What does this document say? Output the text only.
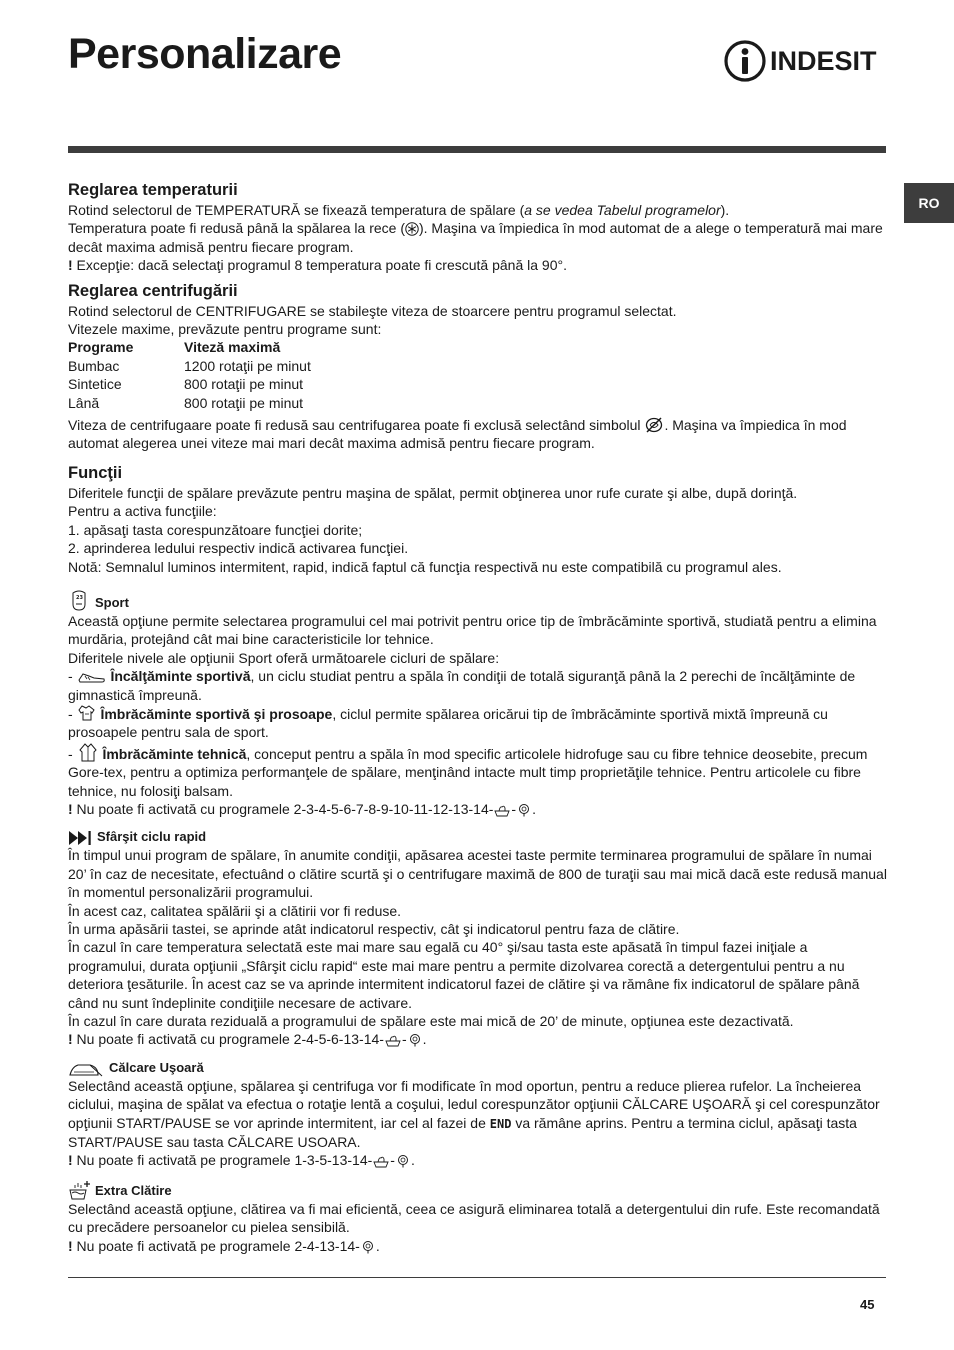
Personalizare	INDESIT
RO
Reglarea temperaturii

Rotind selectorul de TEMPERATURĂ se fixează temperatura de spălare (a se vedea Tabelul programelor).

Temperatura poate fi redusă până la spălarea la rece ( ). Maşina va împiedica în mod automat de a alege o temperatură mai mare decât maxima admisă pentru fiecare program.

! Excepţie: dacă selectaţi programul 8 temperatura poate fi crescută până la 90°.

Reglarea centrifugării

Rotind selectorul de CENTRIFUGARE se stabileşte viteza de stoarcere pentru programul selectat.

Vitezele maxime, prevăzute pentru programe sunt:

Programe	Viteză maximă
Bumbac	1200 rotaţii pe minut
Sintetice	800 rotaţii pe minut
Lână	800 rotaţii pe minut

Viteza de centrifugaare poate fi redusă sau centrifugarea poate fi exclusă selectând simbolul . Maşina va împiedica în mod automat alegerea unei viteze mai mari decât maxima admisă pentru fiecare program.

Funcţii

Diferitele funcţii de spălare prevăzute pentru maşina de spălat, permit obţinerea unor rufe curate şi albe, după dorinţă.

Pentru a activa funcţiile:

1. apăsaţi tasta corespunzătoare funcţiei dorite;

2. aprinderea ledului respectiv indică activarea funcţiei.

Notă: Semnalul luminos intermitent, rapid, indică faptul că funcţia respectivă nu este compatibilă cu programul ales.

23 Sport

Această opţiune permite selectarea programului cel mai potrivit pentru orice tip de îmbrăcăminte sportivă, studiată pentru a elimina murdăria, protejând cât mai bine caracteristicile lor tehnice.

Diferitele nivele ale opţiunii Sport oferă următoarele cicluri de spălare:

-  Încălţăminte sportivă, un ciclu studiat pentru a spăla în condiţii de totală siguranţă până la 2 perechi de încălţăminte de gimnastică împreună.

-  Îmbrăcăminte sportivă şi prosoape, ciclul permite spălarea oricărui tip de îmbrăcăminte sportivă mixtă împreună cu prosoapele pentru sala de sport.

-  Îmbrăcăminte tehnică, conceput pentru a spăla în mod specific articolele hidrofuge sau cu fibre tehnice deosebite, precum Gore-tex, pentru a optimiza performanţele de spălare, menţinând intacte mult timp proprietăţile tehnice. Pentru articolele cu fibre tehnice, nu folosiţi balsam.

! Nu poate fi activată cu programele 2-3-4-5-6-7-8-9-10-11-12-13-14- - .

Sfârşit ciclu rapid

În timpul unui program de spălare, în anumite condiţii, apăsarea acestei taste permite terminarea programului de spălare în numai 20’ în caz de necesitate, efectuând o clătire scurtă şi o centrifugare maximă de 800 de turaţii sau mai mică dacă este redusă manual în momentul personalizării programului.

În acest caz, calitatea spălării şi a clătirii vor fi reduse.

În urma apăsării tastei, se aprinde atât indicatorul respectiv, cât şi indicatorul pentru faza de clătire.

În cazul în care temperatura selectată este mai mare sau egală cu 40° şi/sau tasta este apăsată în timpul fazei iniţiale a programului, durata opţiunii „Sfârşit ciclu rapid“ este mai mare pentru a permite dizolvarea corectă a detergentului pentru a nu deteriora ţesăturile. În acest caz se va aprinde intermitent indicatorul fazei de clătire şi va rămâne fix indicatorul de spălare până când nu sunt îndeplinite condiţiile necesare de activare.

În cazul în care durata reziduală a programului de spălare este mai mică de 20’ de minute, opţiunea este dezactivată.

! Nu poate fi activată cu programele 2-4-5-6-13-14- - .

Călcare Uşoară

Selectând această opţiune, spălarea şi centrifuga vor fi modificate în mod oportun, pentru a reduce plierea rufelor. La încheierea ciclului, maşina de spălat va efectua o rotaţie lentă a coşului, ledul corespunzător opţiunii CĂLCARE UŞOARĂ şi cel corespunzător opţiunii START/PAUSE se vor aprinde intermitent, iar cel al fazei de END va rămâne aprins. Pentru a termina ciclul, apăsaţi tasta START/PAUSE sau tasta CĂLCARE USOARA.

! Nu poate fi activată pe programele 1-3-5-13-14- - .

Extra Clătire

Selectând această opţiune, clătirea va fi mai eficientă, ceea ce asigură eliminarea totală a detergentului din rufe. Este recomandată cu precădere persoanelor cu pielea sensibilă.

! Nu poate fi activată pe programele 2-4-13-14- .

45
